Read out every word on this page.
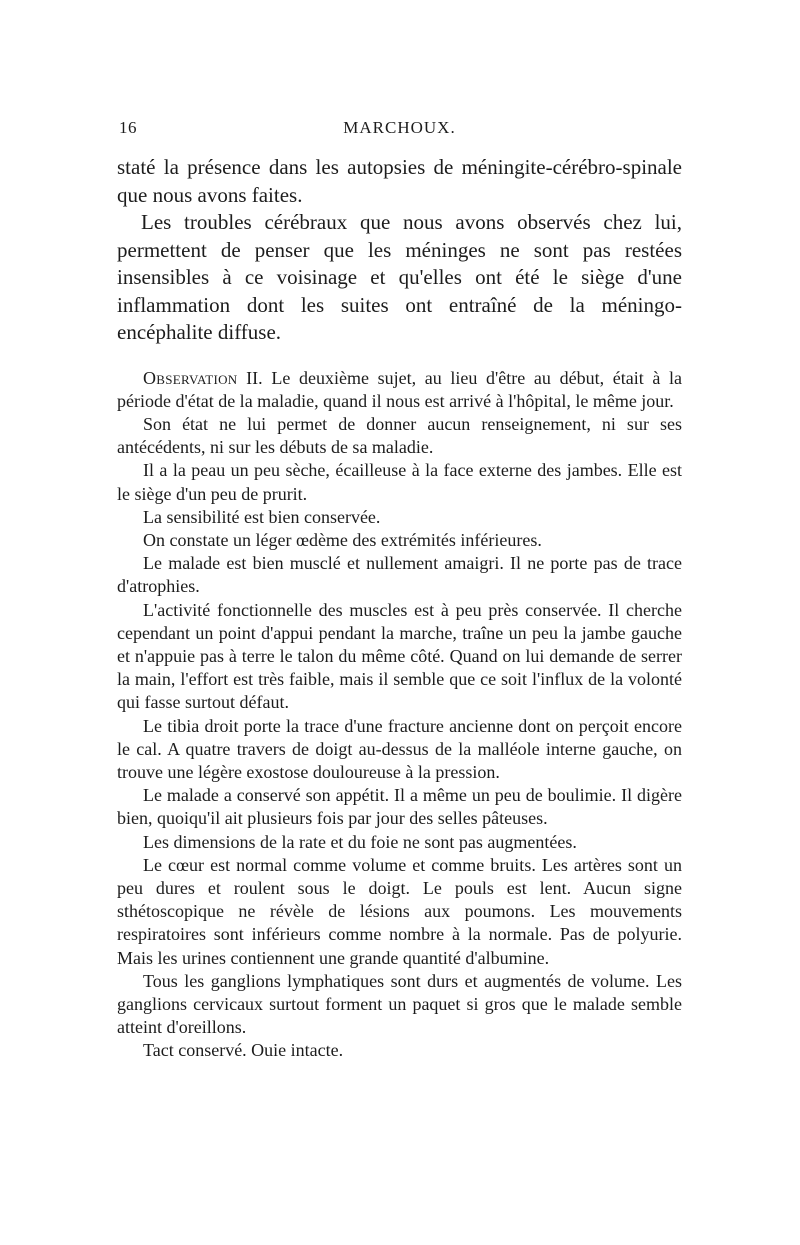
16	MARCHOUX.

staté la présence dans les autopsies de méningite-cérébro-spinale que nous avons faites.

Les troubles cérébraux que nous avons observés chez lui, permettent de penser que les méninges ne sont pas restées insensibles à ce voisinage et qu'elles ont été le siège d'une inflammation dont les suites ont entraîné de la méningo-encéphalite diffuse.

Observation II. Le deuxième sujet, au lieu d'être au début, était à la période d'état de la maladie, quand il nous est arrivé à l'hôpital, le même jour.

Son état ne lui permet de donner aucun renseignement, ni sur ses antécédents, ni sur les débuts de sa maladie.

Il a la peau un peu sèche, écailleuse à la face externe des jambes. Elle est le siège d'un peu de prurit.

La sensibilité est bien conservée.

On constate un léger œdème des extrémités inférieures.

Le malade est bien musclé et nullement amaigri. Il ne porte pas de trace d'atrophies.

L'activité fonctionnelle des muscles est à peu près conservée. Il cherche cependant un point d'appui pendant la marche, traîne un peu la jambe gauche et n'appuie pas à terre le talon du même côté. Quand on lui demande de serrer la main, l'effort est très faible, mais il semble que ce soit l'influx de la volonté qui fasse surtout défaut.

Le tibia droit porte la trace d'une fracture ancienne dont on perçoit encore le cal. A quatre travers de doigt au-dessus de la malléole interne gauche, on trouve une légère exostose douloureuse à la pression.

Le malade a conservé son appétit. Il a même un peu de boulimie. Il digère bien, quoiqu'il ait plusieurs fois par jour des selles pâteuses.

Les dimensions de la rate et du foie ne sont pas augmentées.

Le cœur est normal comme volume et comme bruits. Les artères sont un peu dures et roulent sous le doigt. Le pouls est lent. Aucun signe sthétoscopique ne révèle de lésions aux poumons. Les mouvements respiratoires sont inférieurs comme nombre à la normale. Pas de polyurie. Mais les urines contiennent une grande quantité d'albumine.

Tous les ganglions lymphatiques sont durs et augmentés de volume. Les ganglions cervicaux surtout forment un paquet si gros que le malade semble atteint d'oreillons.

Tact conservé. Ouie intacte.
